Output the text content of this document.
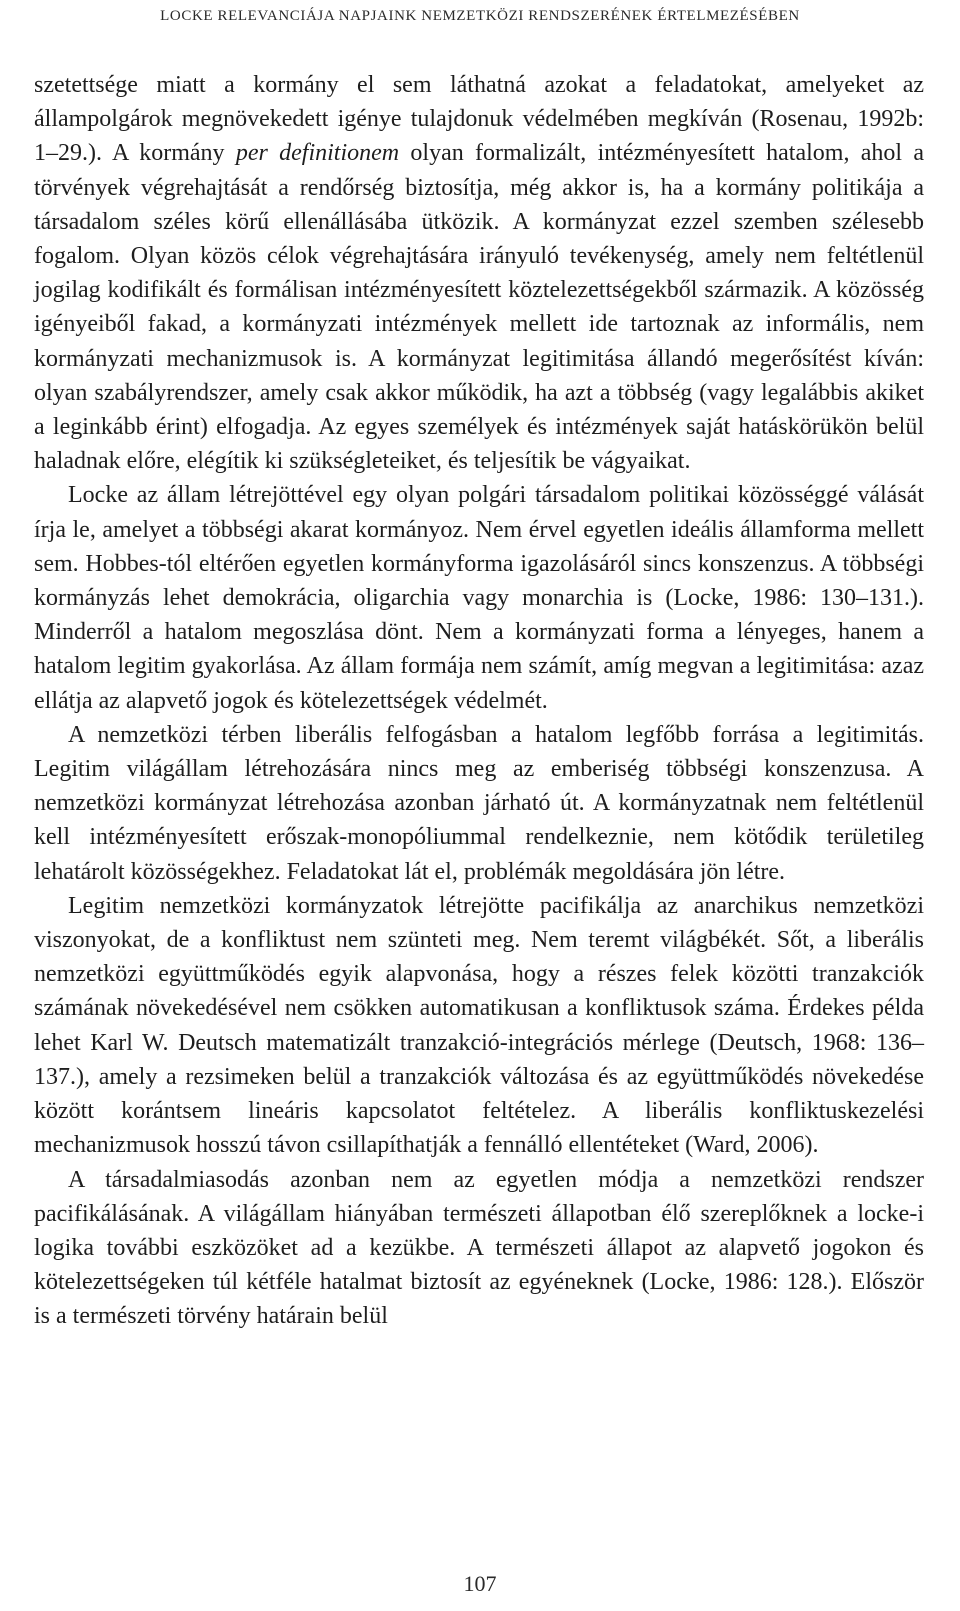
LOCKE RELEVANCIÁJA NAPJAINK NEMZETKÖZI RENDSZERÉNEK ÉRTELMEZÉSÉBEN

szetettsége miatt a kormány el sem láthatná azokat a feladatokat, amelyeket az állampolgárok megnövekedett igénye tulajdonuk védelmében megkíván (Rosenau, 1992b: 1–29.). A kormány per definitionem olyan formalizált, intézményesített hatalom, ahol a törvények végrehajtását a rendőrség biztosítja, még akkor is, ha a kormány politikája a társadalom széles körű ellenállásába ütközik. A kormányzat ezzel szemben szélesebb fogalom. Olyan közös célok végrehajtására irányuló tevékenység, amely nem feltétlenül jogilag kodifikált és formálisan intézményesített köztelezettségekből származik. A közösség igényeiből fakad, a kormányzati intézmények mellett ide tartoznak az informális, nem kormányzati mechanizmusok is. A kormányzat legitimitása állandó megerősítést kíván: olyan szabályrendszer, amely csak akkor működik, ha azt a többség (vagy legalábbis akiket a leginkább érint) elfogadja. Az egyes személyek és intézmények saját hatáskörükön belül haladnak előre, elégítik ki szükségleteiket, és teljesítik be vágyaikat.

Locke az állam létrejöttével egy olyan polgári társadalom politikai közösséggé válását írja le, amelyet a többségi akarat kormányoz. Nem érvel egyetlen ideális államforma mellett sem. Hobbes-tól eltérően egyetlen kormányforma igazolásáról sincs konszenzus. A többségi kormányzás lehet demokrácia, oligarchia vagy monarchia is (Locke, 1986: 130–131.). Minderről a hatalom megoszlása dönt. Nem a kormányzati forma a lényeges, hanem a hatalom legitim gyakorlása. Az állam formája nem számít, amíg megvan a legitimitása: azaz ellátja az alapvető jogok és kötelezettségek védelmét.

A nemzetközi térben liberális felfogásban a hatalom legfőbb forrása a legitimitás. Legitim világállam létrehozására nincs meg az emberiség többségi konszenzusa. A nemzetközi kormányzat létrehozása azonban járható út. A kormányzatnak nem feltétlenül kell intézményesített erőszak-monopóliummal rendelkeznie, nem kötődik területileg lehatárolt közösségekhez. Feladatokat lát el, problémák megoldására jön létre.

Legitim nemzetközi kormányzatok létrejötte pacifikálja az anarchikus nemzetközi viszonyokat, de a konfliktust nem szünteti meg. Nem teremt világbékét. Sőt, a liberális nemzetközi együttműködés egyik alapvonása, hogy a részes felek közötti tranzakciók számának növekedésével nem csökken automatikusan a konfliktusok száma. Érdekes példa lehet Karl W. Deutsch matematizált tranzakció-integrációs mérlege (Deutsch, 1968: 136–137.), amely a rezsimeken belül a tranzakciók változása és az együttműködés növekedése között korántsem lineáris kapcsolatot feltételez. A liberális konfliktuskezelési mechanizmusok hosszú távon csillapíthatják a fennálló ellentéteket (Ward, 2006).

A társadalmiasodás azonban nem az egyetlen módja a nemzetközi rendszer pacifikálásának. A világállam hiányában természeti állapotban élő szereplőknek a locke-i logika további eszközöket ad a kezükbe. A természeti állapot az alapvető jogokon és kötelezettségeken túl kétféle hatalmat biztosít az egyéneknek (Locke, 1986: 128.). Először is a természeti törvény határain belül

107
